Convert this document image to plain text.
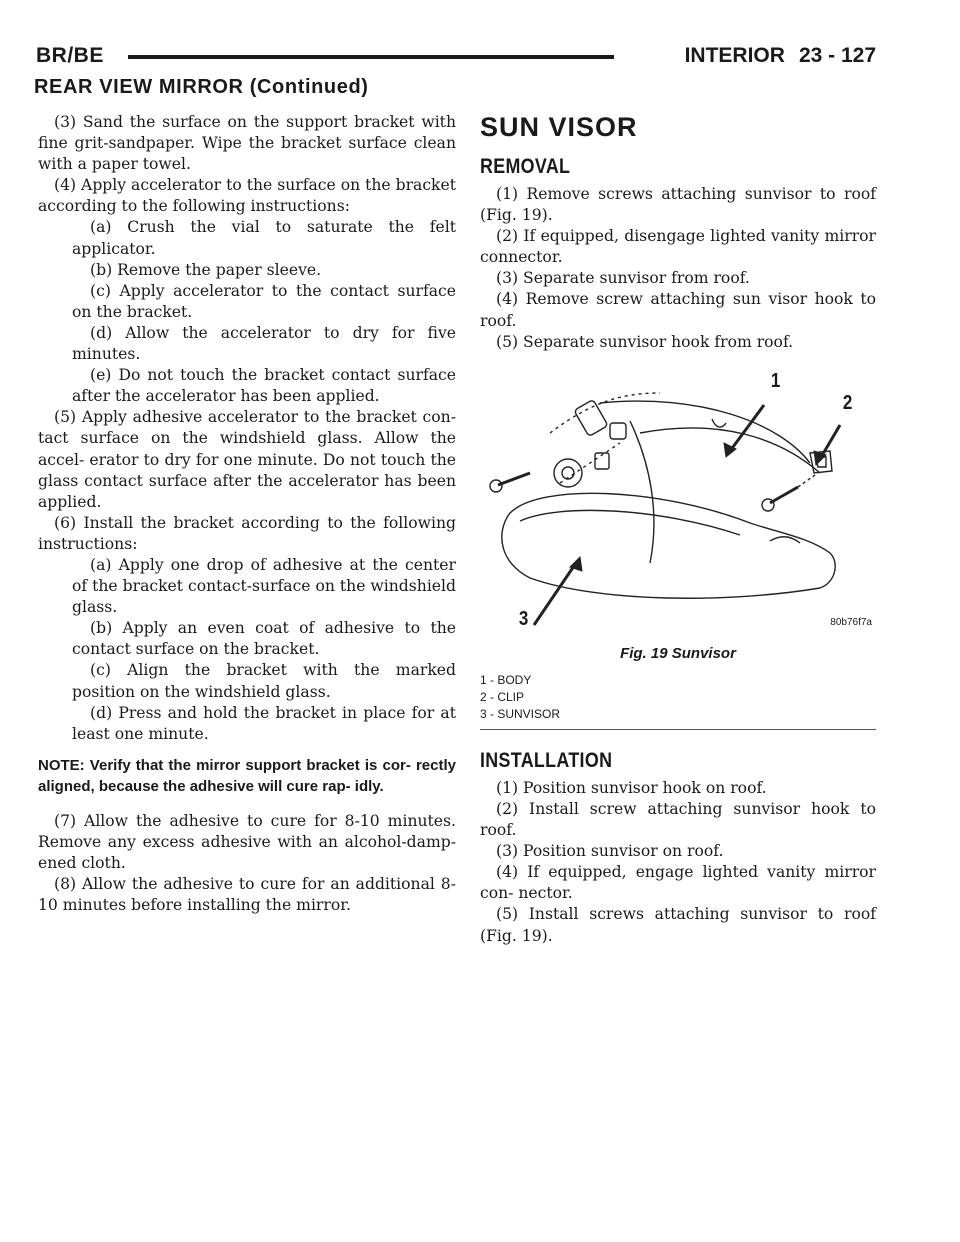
BR/BE	INTERIOR 23 - 127
REAR VIEW MIRROR (Continued)

(3) Sand the surface on the support bracket with fine grit-sandpaper. Wipe the bracket surface clean with a paper towel.

(4) Apply accelerator to the surface on the bracket according to the following instructions:

(a) Crush the vial to saturate the felt applicator.

(b) Remove the paper sleeve.

(c) Apply accelerator to the contact surface on the bracket.

(d) Allow the accelerator to dry for five minutes.

(e) Do not touch the bracket contact surface after the accelerator has been applied.

(5) Apply adhesive accelerator to the bracket con- tact surface on the windshield glass. Allow the accel- erator to dry for one minute. Do not touch the glass contact surface after the accelerator has been applied.

(6) Install the bracket according to the following instructions:

(a) Apply one drop of adhesive at the center of the bracket contact-surface on the windshield glass.

(b) Apply an even coat of adhesive to the contact surface on the bracket.

(c) Align the bracket with the marked position on the windshield glass.

(d) Press and hold the bracket in place for at least one minute.

NOTE: Verify that the mirror support bracket is cor- rectly aligned, because the adhesive will cure rap- idly.

(7) Allow the adhesive to cure for 8-10 minutes. Remove any excess adhesive with an alcohol-damp- ened cloth.

(8) Allow the adhesive to cure for an additional 8-10 minutes before installing the mirror.

SUN VISOR
REMOVAL

(1) Remove screws attaching sunvisor to roof (Fig. 19).

(2) If equipped, disengage lighted vanity mirror connector.

(3) Separate sunvisor from roof.

(4) Remove screw attaching sun visor hook to roof.

(5) Separate sunvisor hook from roof.

1
2
3	80b76f7a
Fig. 19 Sunvisor
1 - BODY
2 - CLIP
3 - SUNVISOR
INSTALLATION

(1) Position sunvisor hook on roof.

(2) Install screw attaching sunvisor hook to roof.

(3) Position sunvisor on roof.

(4) If equipped, engage lighted vanity mirror con- nector.

(5) Install screws attaching sunvisor to roof (Fig. 19).
